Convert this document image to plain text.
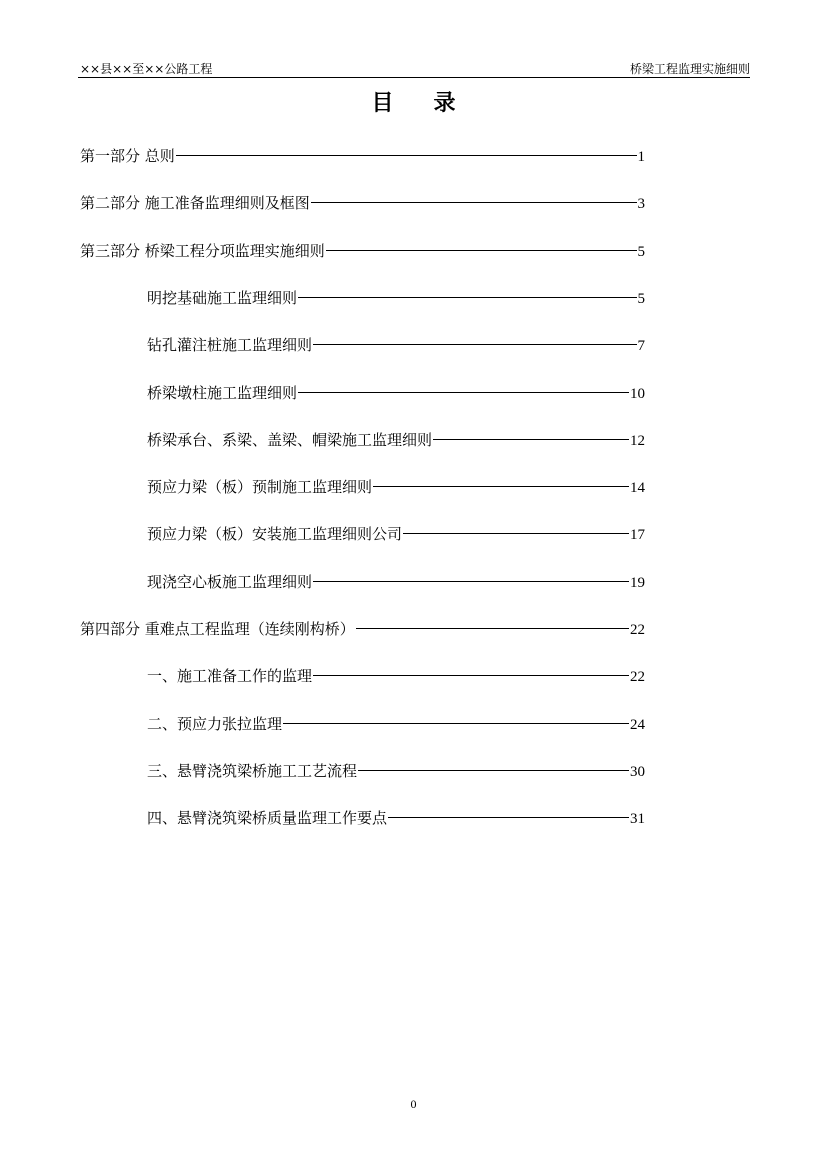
××县××至××公路工程	桥梁工程监理实施细则
目录
第一部分 总则	1
第二部分 施工准备监理细则及框图	3
第三部分 桥梁工程分项监理实施细则	5
明挖基础施工监理细则	5
钻孔灌注桩施工监理细则	7
桥梁墩柱施工监理细则	10
桥梁承台、系梁、盖梁、帽梁施工监理细则	12
预应力梁（板）预制施工监理细则	14
预应力梁（板）安装施工监理细则公司	17
现浇空心板施工监理细则	19
第四部分 重难点工程监理（连续刚构桥）	22
一、施工准备工作的监理	22
二、预应力张拉监理	24
三、悬臂浇筑梁桥施工工艺流程	30
四、悬臂浇筑梁桥质量监理工作要点	31
0
